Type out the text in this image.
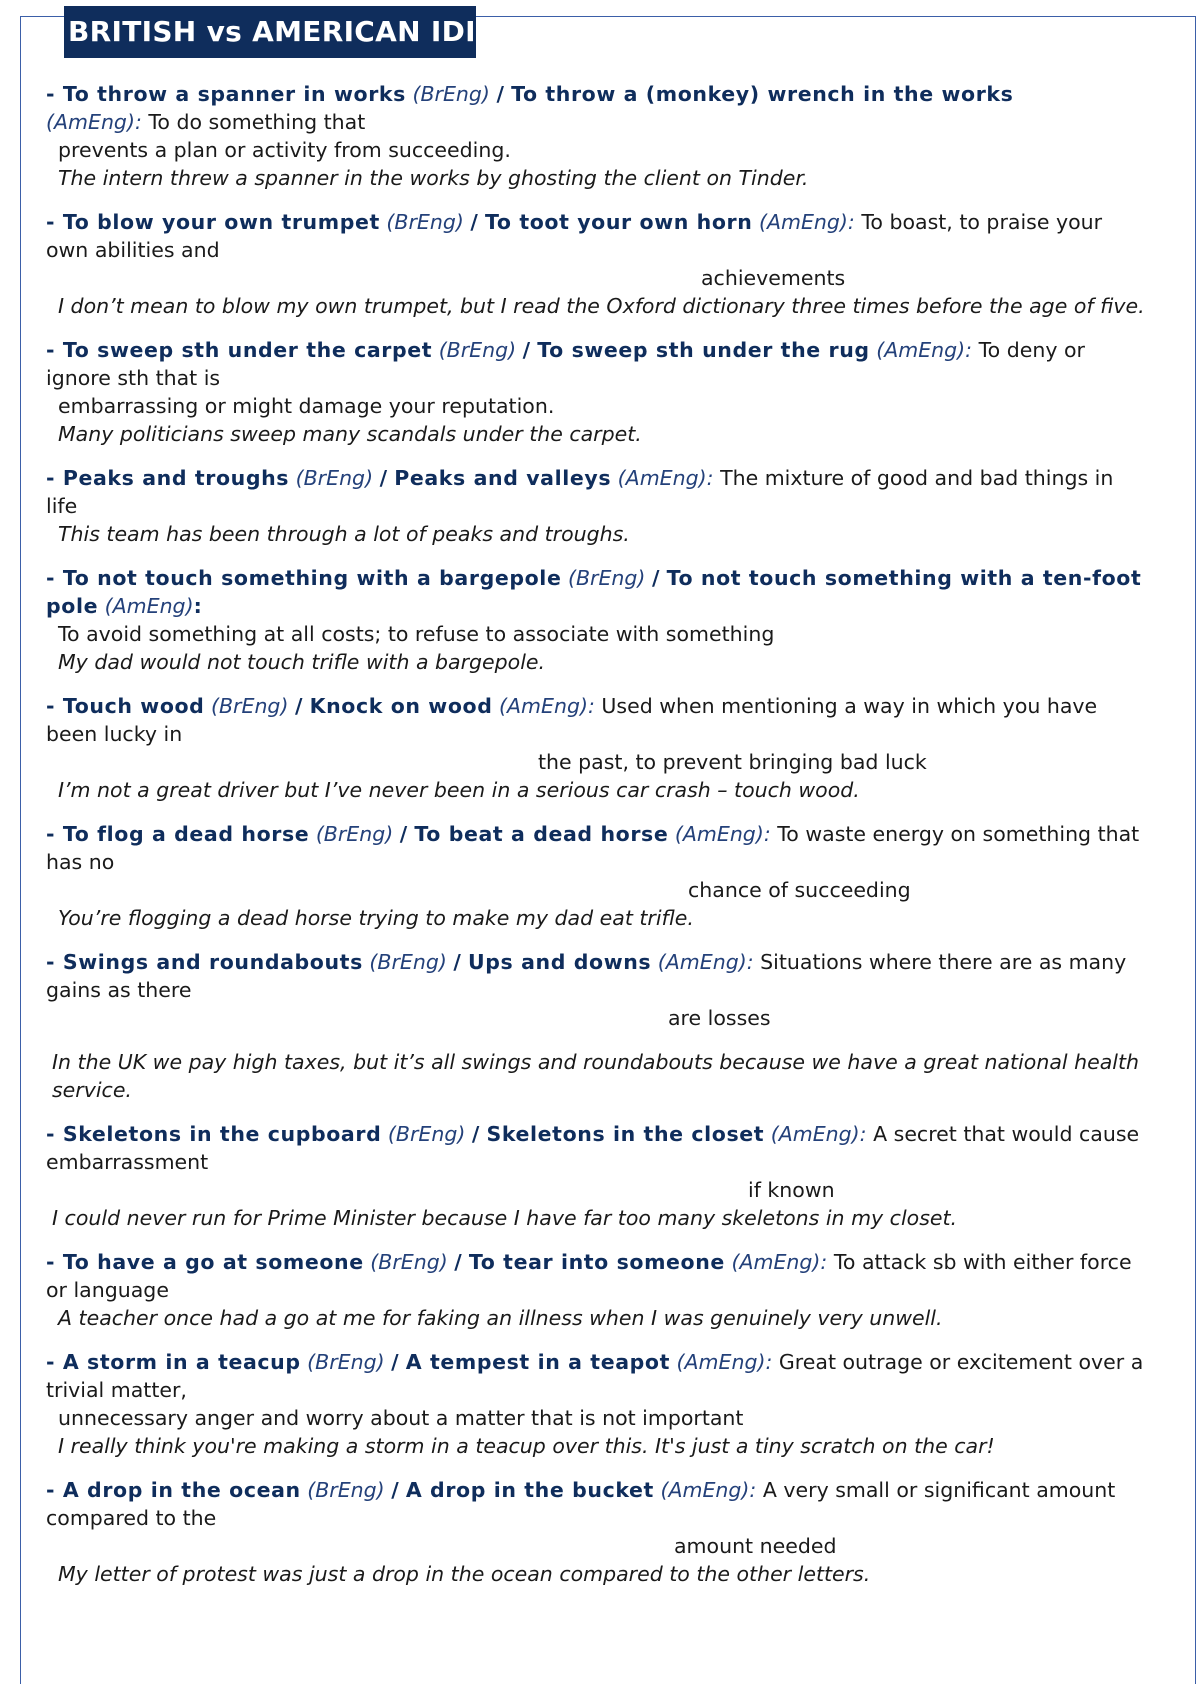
BRITISH vs AMERICAN IDI
- To throw a spanner in works (BrEng) / To throw a (monkey) wrench in the works
(AmEng): To do something that
prevents a plan or activity from succeeding.
The intern threw a spanner in the works by ghosting the client on Tinder.
- To blow your own trumpet (BrEng) / To toot your own horn (AmEng): To boast, to praise your own abilities and
achievements
I don’t mean to blow my own trumpet, but I read the Oxford dictionary three times before the age of five.
- To sweep sth under the carpet (BrEng) / To sweep sth under the rug (AmEng): To deny or ignore sth that is
embarrassing or might damage your reputation.
Many politicians sweep many scandals under the carpet.
- Peaks and troughs (BrEng) / Peaks and valleys (AmEng): The mixture of good and bad things in life
This team has been through a lot of peaks and troughs.
- To not touch something with a bargepole (BrEng) / To not touch something with a ten-foot pole (AmEng):
To avoid something at all costs; to refuse to associate with something
My dad would not touch trifle with a bargepole.
- Touch wood (BrEng) / Knock on wood (AmEng): Used when mentioning a way in which you have been lucky in
the past, to prevent bringing bad luck
I’m not a great driver but I’ve never been in a serious car crash – touch wood.
- To flog a dead horse (BrEng) / To beat a dead horse (AmEng): To waste energy on something that has no
chance of succeeding
You’re flogging a dead horse trying to make my dad eat trifle.
- Swings and roundabouts (BrEng) / Ups and downs (AmEng): Situations where there are as many gains as there
are losses
In the UK we pay high taxes, but it’s all swings and roundabouts because we have a great national health service.
- Skeletons in the cupboard (BrEng) / Skeletons in the closet (AmEng): A secret that would cause embarrassment
if known
I could never run for Prime Minister because I have far too many skeletons in my closet.
- To have a go at someone (BrEng) / To tear into someone (AmEng): To attack sb with either force or language
A teacher once had a go at me for faking an illness when I was genuinely very unwell.
- A storm in a teacup (BrEng) / A tempest in a teapot (AmEng): Great outrage or excitement over a trivial matter,
unnecessary anger and worry about a matter that is not important
I really think you're making a storm in a teacup over this. It's just a tiny scratch on the car!
- A drop in the ocean (BrEng) / A drop in the bucket (AmEng): A very small or significant amount compared to the
amount needed
My letter of protest was just a drop in the ocean compared to the other letters.
